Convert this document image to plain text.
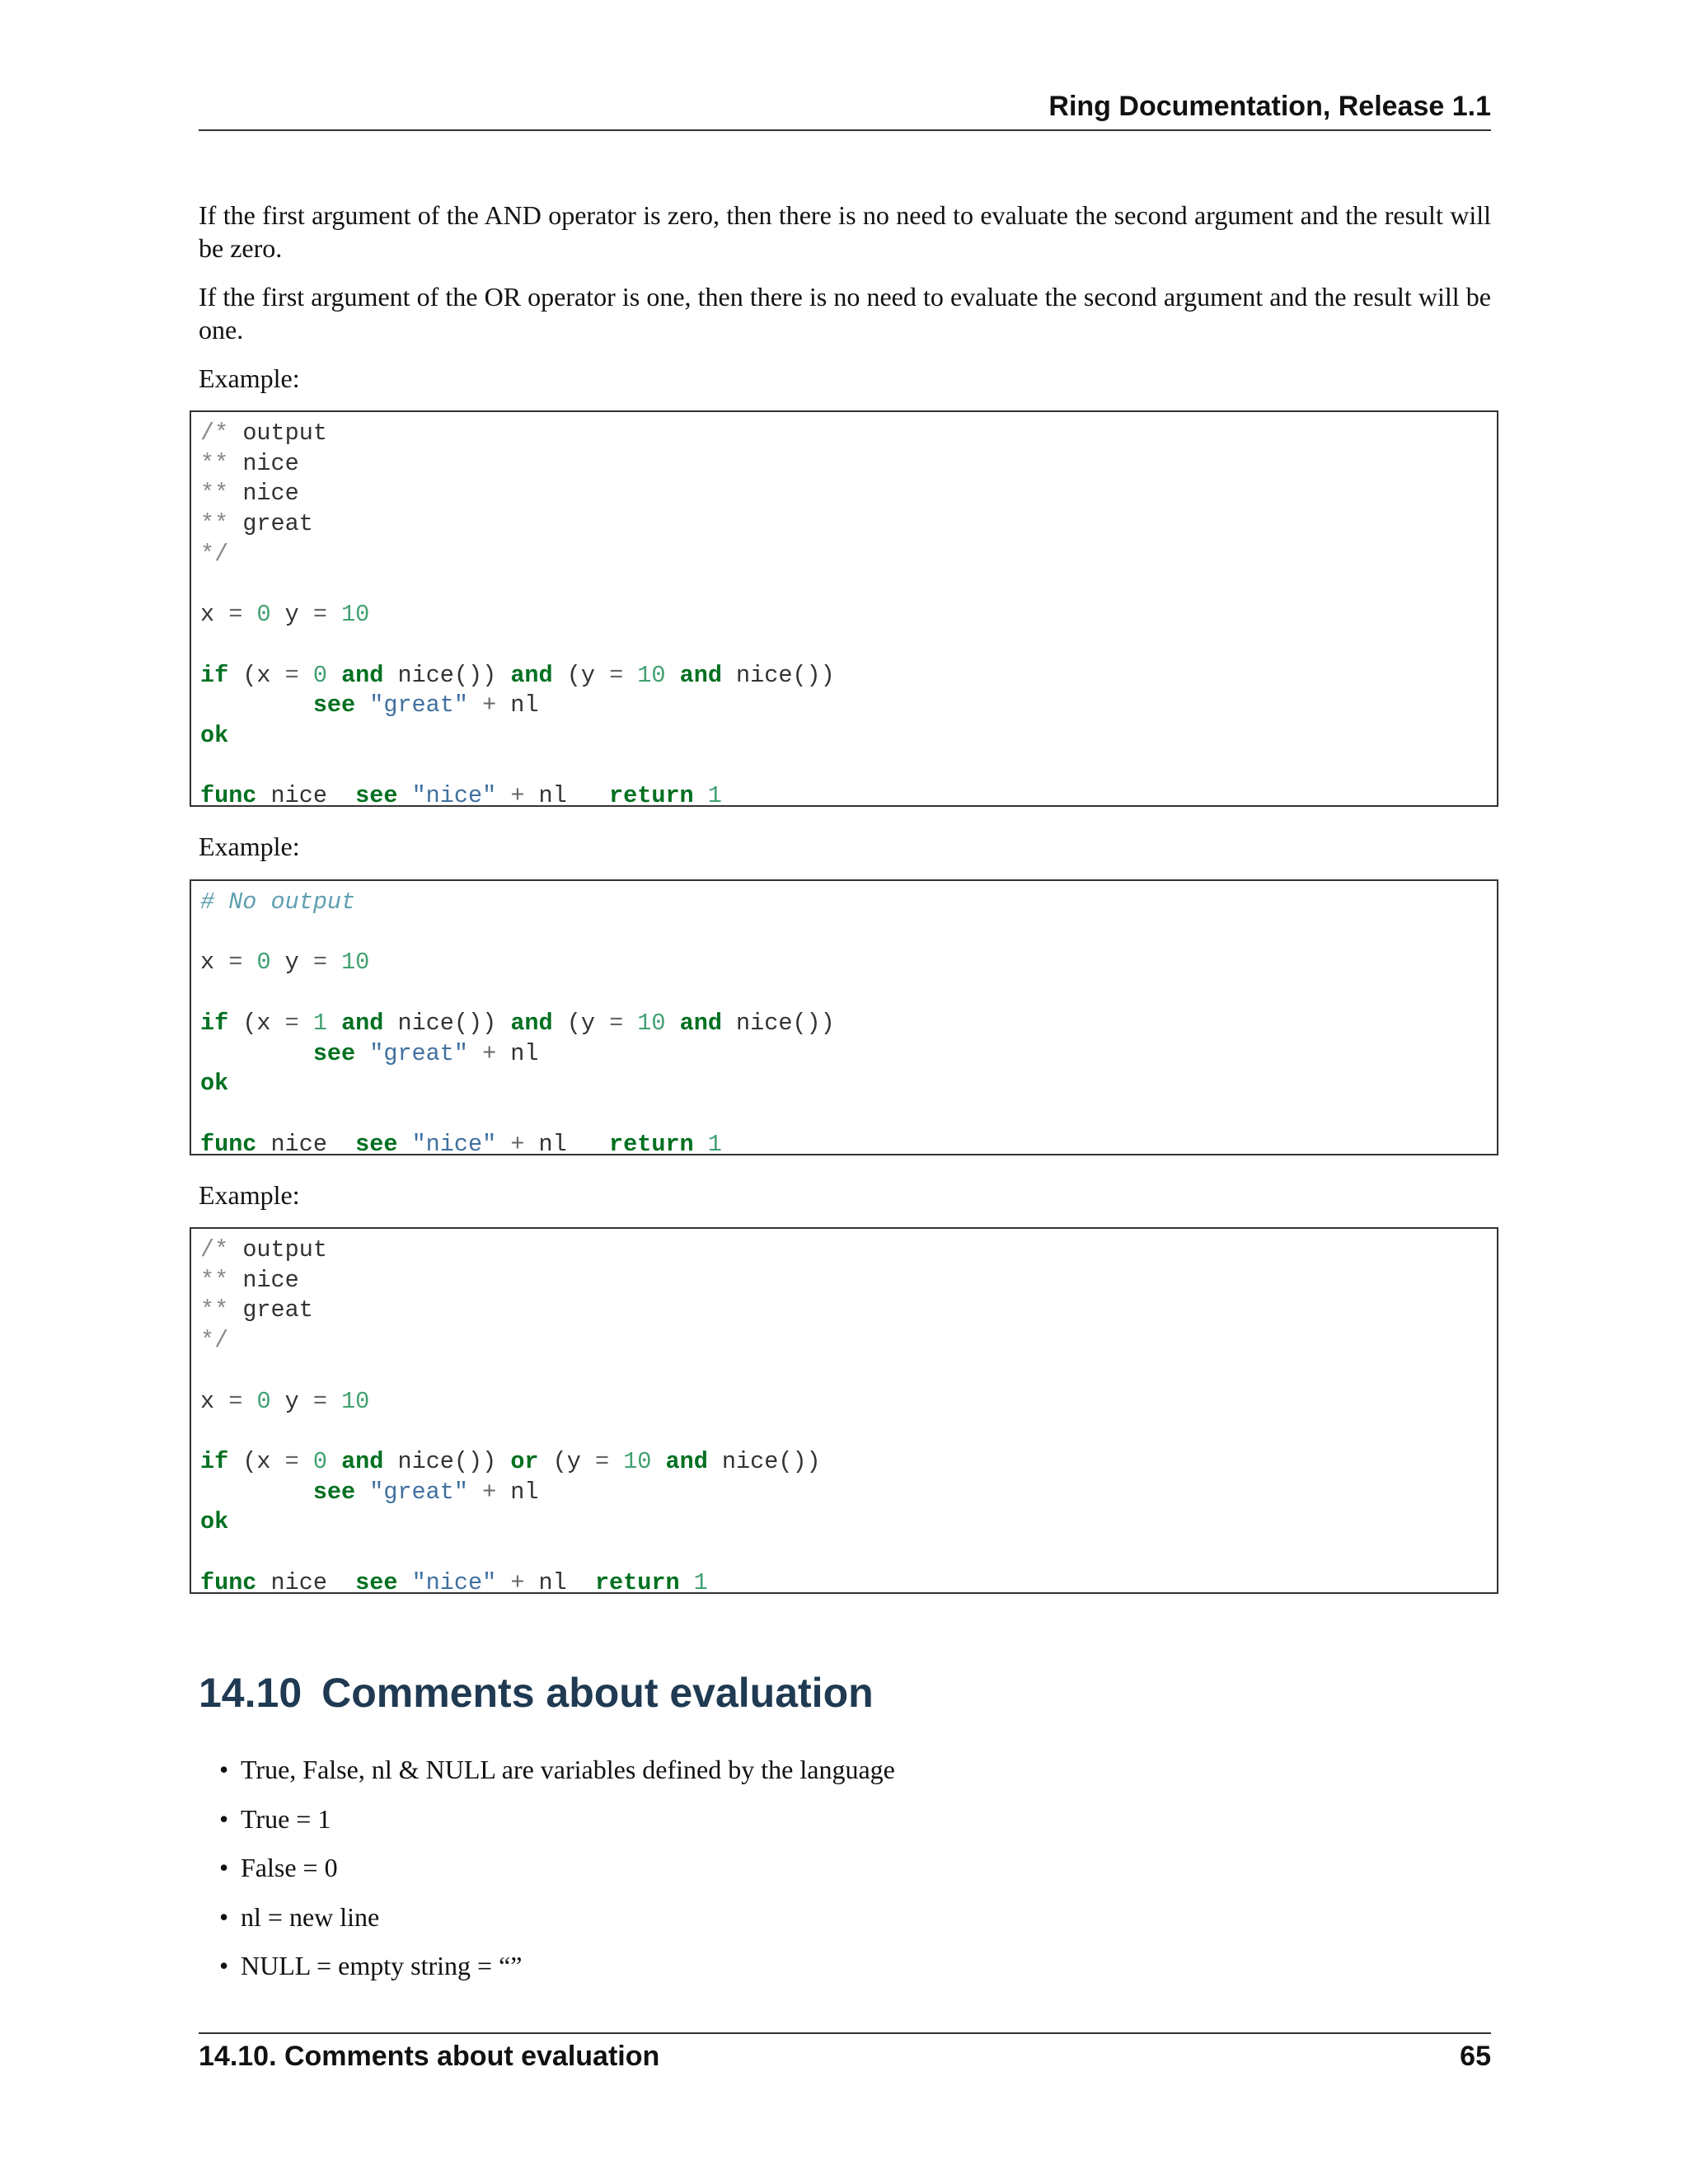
Ring Documentation, Release 1.1

If the first argument of the AND operator is zero, then there is no need to evaluate the second argument and the result will be zero.

If the first argument of the OR operator is one, then there is no need to evaluate the second argument and the result will be one.

Example:

/* output
** nice
** nice
** great
*/

x = 0 y = 10

if (x = 0 and nice()) and (y = 10 and nice())
see "great" + nl
ok

func nice  see "nice" + nl   return 1

Example:

# No output

x = 0 y = 10

if (x = 1 and nice()) and (y = 10 and nice())
see "great" + nl
ok

func nice  see "nice" + nl   return 1

Example:

/* output
** nice
** great
*/

x = 0 y = 10

if (x = 0 and nice()) or (y = 10 and nice())
see "great" + nl
ok

func nice  see "nice" + nl  return 1
14.10 Comments about evaluation
• True, False, nl & NULL are variables defined by the language
• True = 1
• False = 0
• nl = new line
• NULL = empty string = “”
14.10. Comments about evaluation	65
